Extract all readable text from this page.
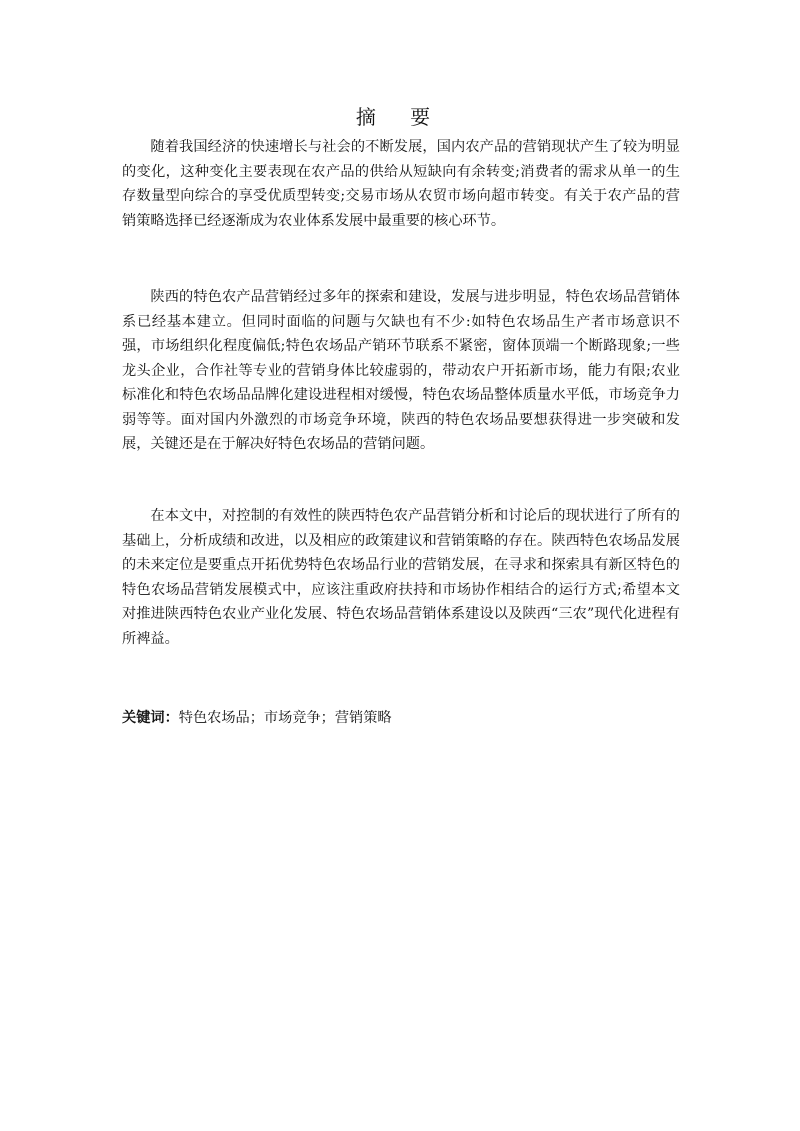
摘 要

随着我国经济的快速增长与社会的不断发展，国内农产品的营销现状产生了较为明显的变化，这种变化主要表现在农产品的供给从短缺向有余转变;消费者的需求从单一的生存数量型向综合的享受优质型转变;交易市场从农贸市场向超市转变。有关于农产品的营销策略选择已经逐渐成为农业体系发展中最重要的核心环节。

陕西的特色农产品营销经过多年的探索和建设，发展与进步明显，特色农场品营销体系已经基本建立。但同时面临的问题与欠缺也有不少:如特色农场品生产者市场意识不强，市场组织化程度偏低;特色农场品产销环节联系不紧密，窗体顶端一个断路现象;一些龙头企业，合作社等专业的营销身体比较虚弱的，带动农户开拓新市场，能力有限;农业标准化和特色农场品品牌化建设进程相对缓慢，特色农场品整体质量水平低，市场竞争力弱等等。面对国内外激烈的市场竞争环境，陕西的特色农场品要想获得进一步突破和发展，关键还是在于解决好特色农场品的营销问题。

在本文中，对控制的有效性的陕西特色农产品营销分析和讨论后的现状进行了所有的基础上，分析成绩和改进，以及相应的政策建议和营销策略的存在。陕西特色农场品发展的未来定位是要重点开拓优势特色农场品行业的营销发展，在寻求和探索具有新区特色的特色农场品营销发展模式中，应该注重政府扶持和市场协作相结合的运行方式;希望本文对推进陕西特色农业产业化发展、特色农场品营销体系建设以及陕西“三农”现代化进程有所裨益。

关键词：特色农场品；市场竞争；营销策略
